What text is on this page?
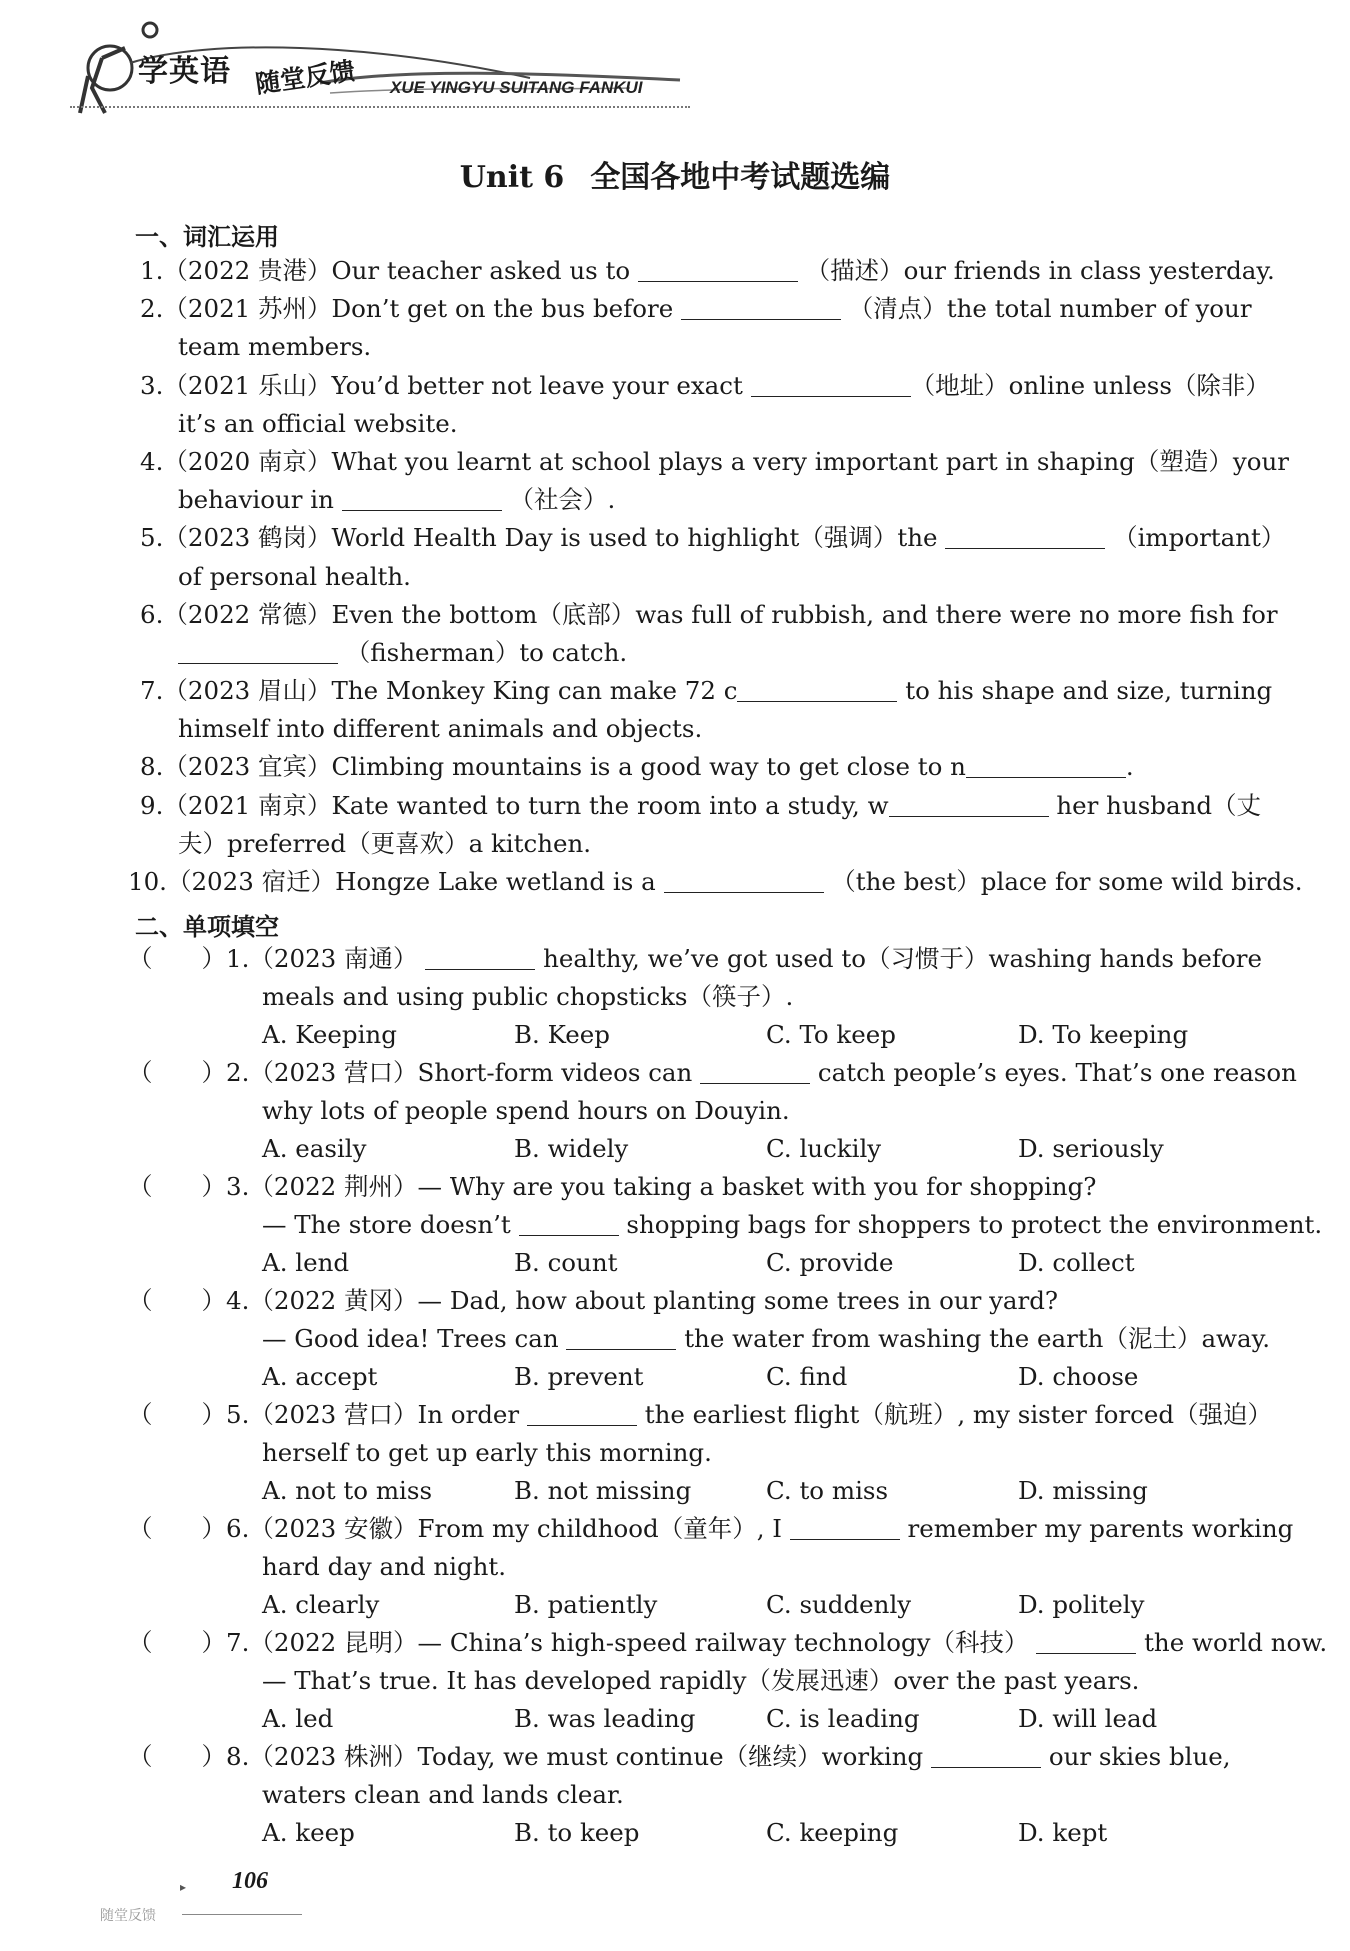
学英语 随堂反馈 XUE YINGYU SUITANG FANKUI
Unit 6 全国各地中考试题选编
一、词汇运用
1.（2022 贵港）Our teacher asked us to	（描述）our friends in class yesterday.
2.（2021 苏州）Don’t get on the bus before	（清点）the total number of your
team members.
3.（2021 乐山）You’d better not leave your exact	（地址）online unless（除非）
it’s an official website.
4.（2020 南京）What you learnt at school plays a very important part in shaping（塑造）your
behaviour in	（社会）.
5.（2023 鹤岗）World Health Day is used to highlight（强调）the	（important）
of personal health.
6.（2022 常德）Even the bottom（底部）was full of rubbish, and there were no more fish for
（fisherman）to catch.
7.（2023 眉山）The Monkey King can make 72 c	to his shape and size, turning
himself into different animals and objects.
8.（2023 宜宾）Climbing mountains is a good way to get close to n	.
9.（2021 南京）Kate wanted to turn the room into a study, w	her husband（丈
夫）preferred（更喜欢）a kitchen.
10.（2023 宿迁）Hongze Lake wetland is a	（the best）place for some wild birds.
二、单项填空
（　　）1.（2023 南通）	healthy, we’ve got used to（习惯于）washing hands before
meals and using public chopsticks（筷子）.
A. Keeping	B. Keep	C. To keep	D. To keeping
（　　）2.（2023 营口）Short-form videos can	catch people’s eyes. That’s one reason
why lots of people spend hours on Douyin.
A. easily	B. widely	C. luckily	D. seriously
（　　）3.（2022 荆州）— Why are you taking a basket with you for shopping?
— The store doesn’t	shopping bags for shoppers to protect the environment.
A. lend	B. count	C. provide	D. collect
（　　）4.（2022 黄冈）— Dad, how about planting some trees in our yard?
— Good idea! Trees can	the water from washing the earth（泥土）away.
A. accept	B. prevent	C. find	D. choose
（　　）5.（2023 营口）In order	the earliest flight（航班）, my sister forced（强迫）
herself to get up early this morning.
A. not to miss	B. not missing	C. to miss	D. missing
（　　）6.（2023 安徽）From my childhood（童年）, I	remember my parents working
hard day and night.
A. clearly	B. patiently	C. suddenly	D. politely
（　　）7.（2022 昆明）— China’s high-speed railway technology（科技）	the world now.
— That’s true. It has developed rapidly（发展迅速）over the past years.
A. led	B. was leading	C. is leading	D. will lead
（　　）8.（2023 株洲）Today, we must continue（继续）working	our skies blue,
waters clean and lands clear.
A. keep	B. to keep	C. keeping	D. kept
▸ 106
随堂反馈
